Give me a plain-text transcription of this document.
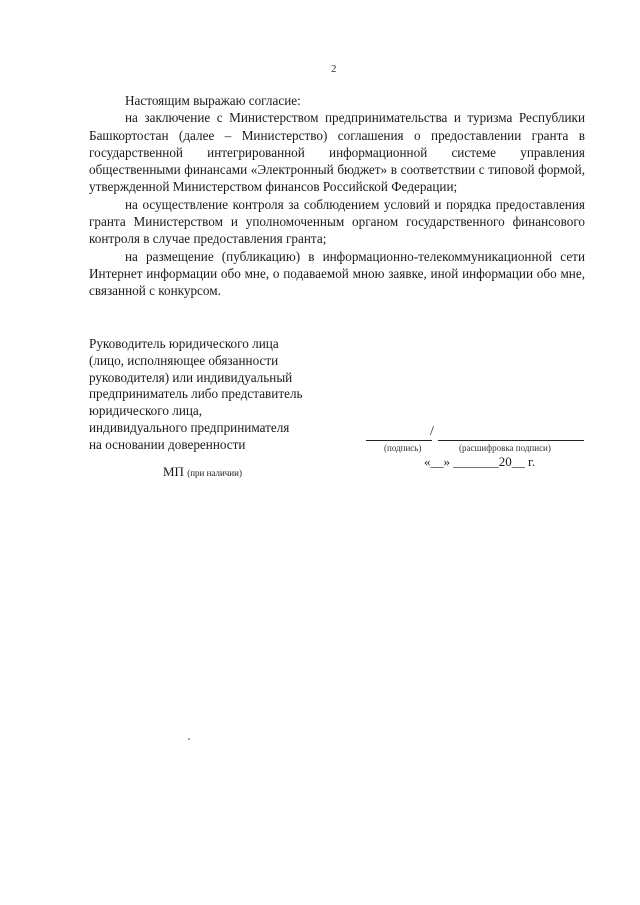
2

Настоящим выражаю согласие:

на заключение с Министерством предпринимательства и туризма Республики Башкортостан (далее – Министерство) соглашения о предоставлении гранта в государственной интегрированной информационной системе управления общественными финансами «Электронный бюджет» в соответствии с типовой формой, утвержденной Министерством финансов Российской Федерации;

на осуществление контроля за соблюдением условий и порядка предоставления гранта Министерством и уполномоченным органом государственного финансового контроля в случае предоставления гранта;

на размещение (публикацию) в информационно-телекоммуникационной сети Интернет информации обо мне, о подаваемой мною заявке, иной информации обо мне, связанной с конкурсом.

Руководитель юридического лица
(лицо, исполняющее обязанности
руководителя) или индивидуальный
предприниматель либо представитель
юридического лица,
индивидуального предпринимателя
на основании доверенности
/
(подпись)	(расшифровка подписи)
«__» _______20__ г.
МП (при наличии)
